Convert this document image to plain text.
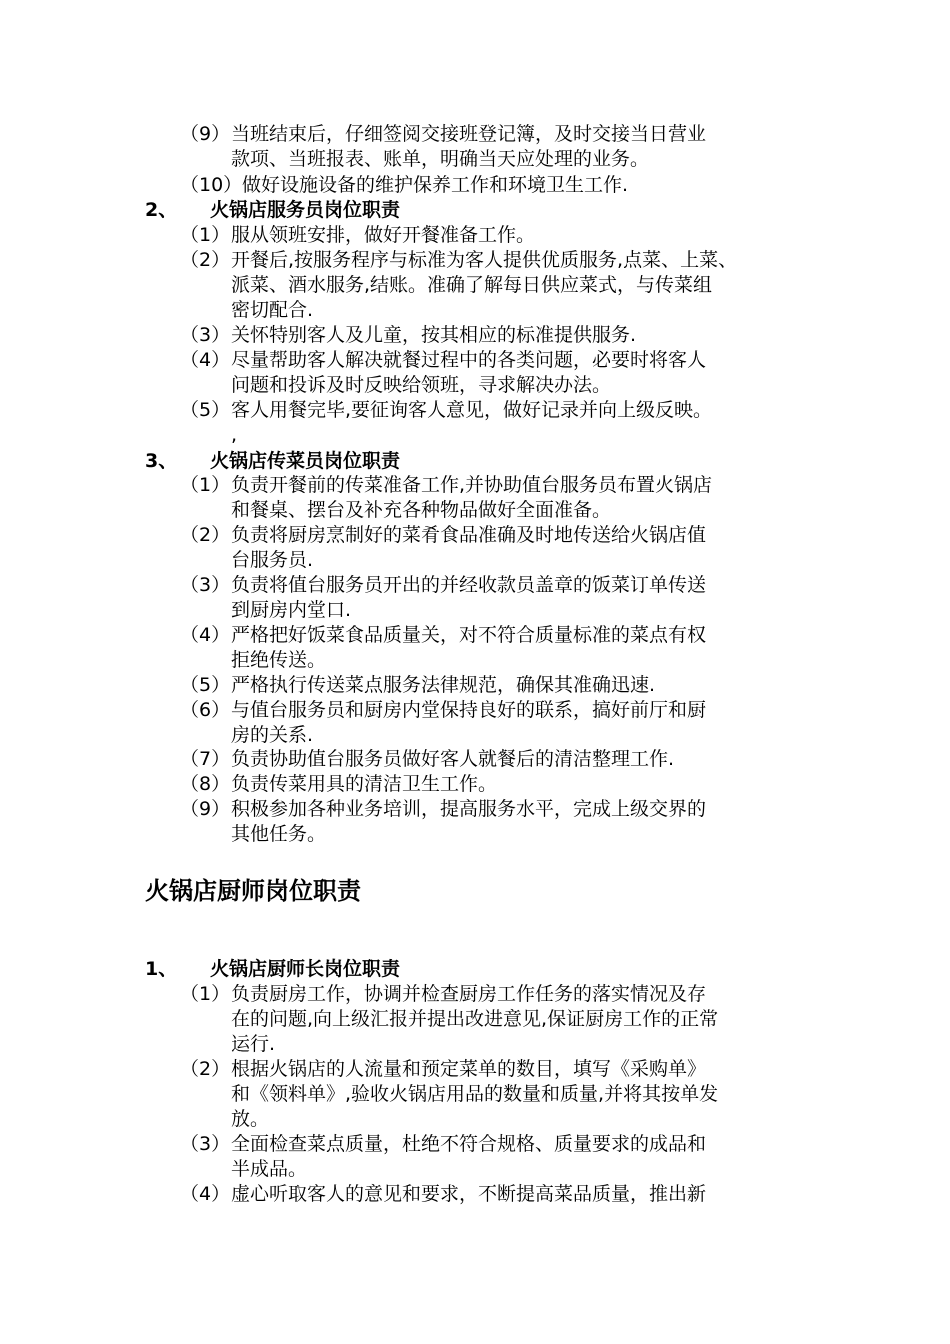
（9） 当班结束后，仔细签阅交接班登记簿，及时交接当日营业
款项、当班报表、账单，明确当天应处理的业务。
（10） 做好设施设备的维护保养工作和环境卫生工作.
2、 火锅店服务员岗位职责
（1） 服从领班安排，做好开餐准备工作。
（2） 开餐后,按服务程序与标准为客人提供优质服务,点菜、上菜、
派菜、酒水服务,结账。准确了解每日供应菜式，与传菜组
密切配合.
（3） 关怀特别客人及儿童，按其相应的标准提供服务.
（4） 尽量帮助客人解决就餐过程中的各类问题，必要时将客人
问题和投诉及时反映给领班，寻求解决办法。
（5） 客人用餐完毕,要征询客人意见，做好记录并向上级反映。
,
3、 火锅店传菜员岗位职责
（1） 负责开餐前的传菜准备工作,并协助值台服务员布置火锅店
和餐桌、摆台及补充各种物品做好全面准备。
（2） 负责将厨房烹制好的菜肴食品准确及时地传送给火锅店值
台服务员.
（3） 负责将值台服务员开出的并经收款员盖章的饭菜订单传送
到厨房内堂口.
（4） 严格把好饭菜食品质量关，对不符合质量标准的菜点有权
拒绝传送。
（5） 严格执行传送菜点服务法律规范，确保其准确迅速.
（6） 与值台服务员和厨房内堂保持良好的联系，搞好前厅和厨
房的关系.
（7） 负责协助值台服务员做好客人就餐后的清洁整理工作.
（8） 负责传菜用具的清洁卫生工作。
（9） 积极参加各种业务培训，提高服务水平，完成上级交界的
其他任务。
火锅店厨师岗位职责
1、 火锅店厨师长岗位职责
（1） 负责厨房工作，协调并检查厨房工作任务的落实情况及存
在的问题,向上级汇报并提出改进意见,保证厨房工作的正常
运行.
（2） 根据火锅店的人流量和预定菜单的数目，填写《采购单》
和《领料单》,验收火锅店用品的数量和质量,并将其按单发
放。
（3） 全面检查菜点质量，杜绝不符合规格、质量要求的成品和
半成品。
（4） 虚心听取客人的意见和要求，不断提高菜品质量，推出新
